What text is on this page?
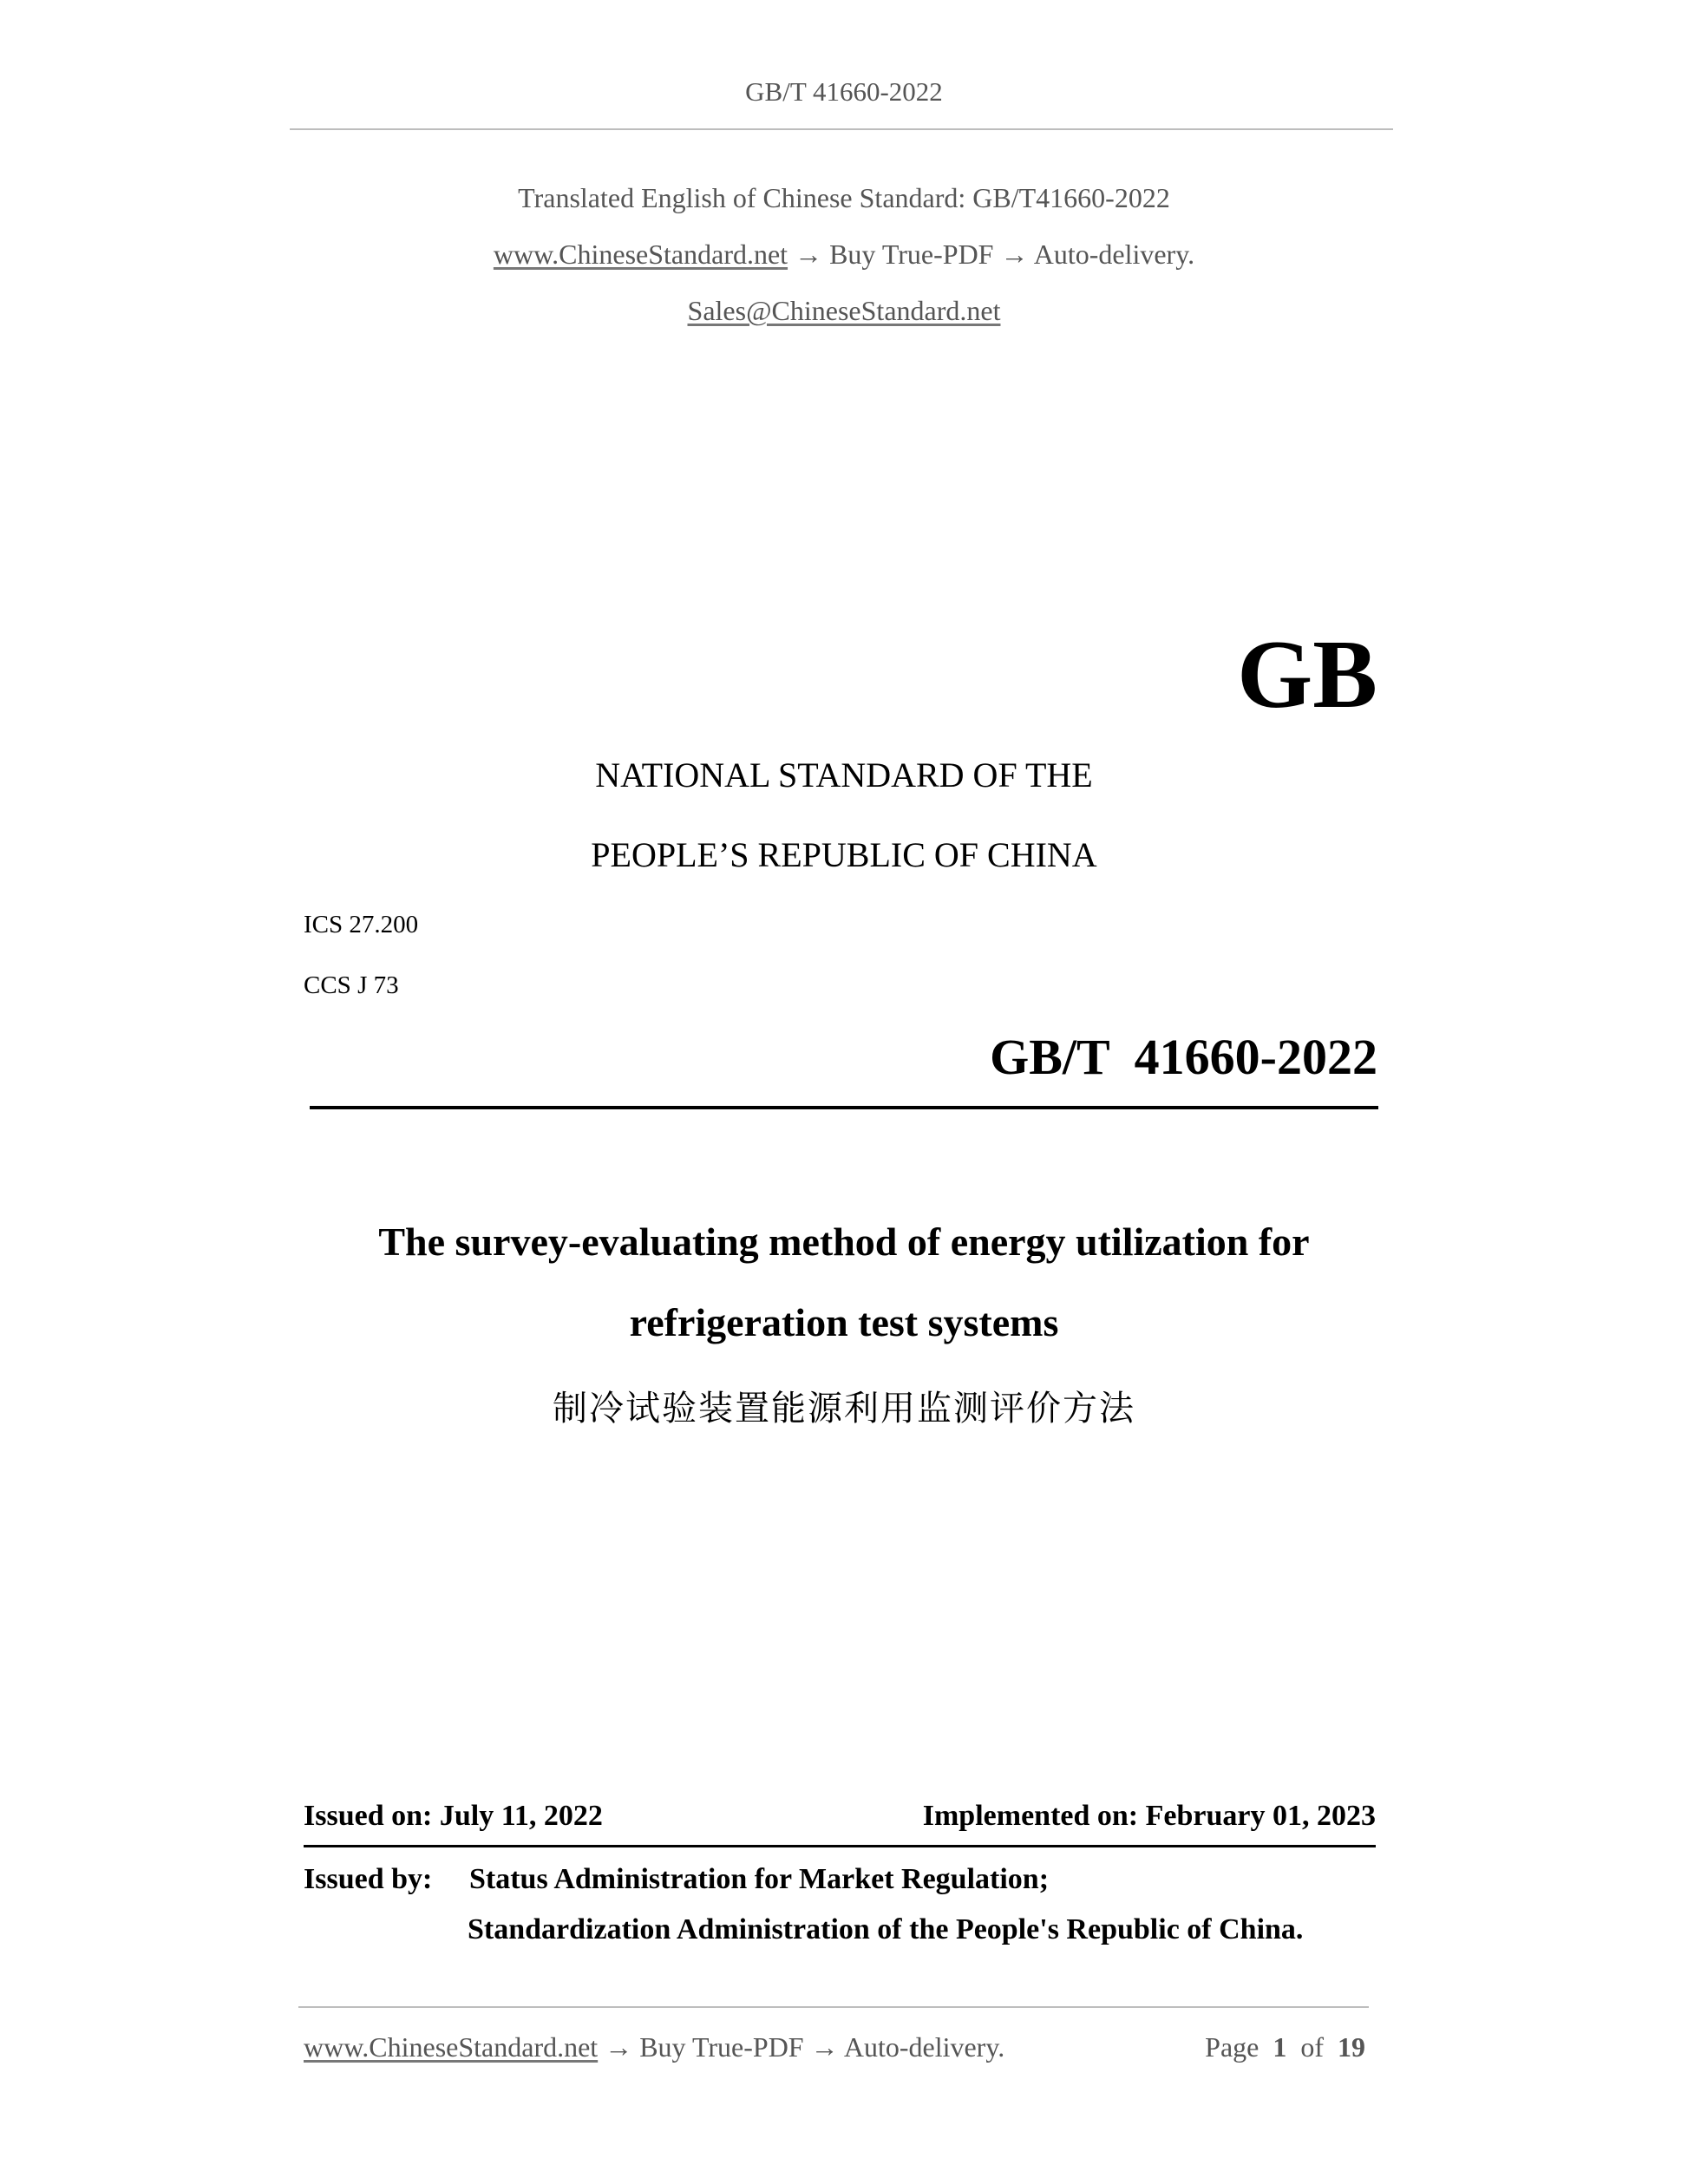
GB/T 41660-2022
Translated English of Chinese Standard: GB/T41660-2022
www.ChineseStandard.net → Buy True-PDF → Auto-delivery.
Sales@ChineseStandard.net
GB
NATIONAL STANDARD OF THE
PEOPLE’S REPUBLIC OF CHINA
ICS 27.200
CCS J 73
GB/T  41660-2022
The survey-evaluating method of energy utilization for
refrigeration test systems
制冷试验装置能源利用监测评价方法
Issued on: July 11, 2022	Implemented on: February 01, 2023
Issued by: Status Administration for Market Regulation;
Standardization Administration of the People's Republic of China.
www.ChineseStandard.net → Buy True-PDF → Auto-delivery.	Page 1 of 19
